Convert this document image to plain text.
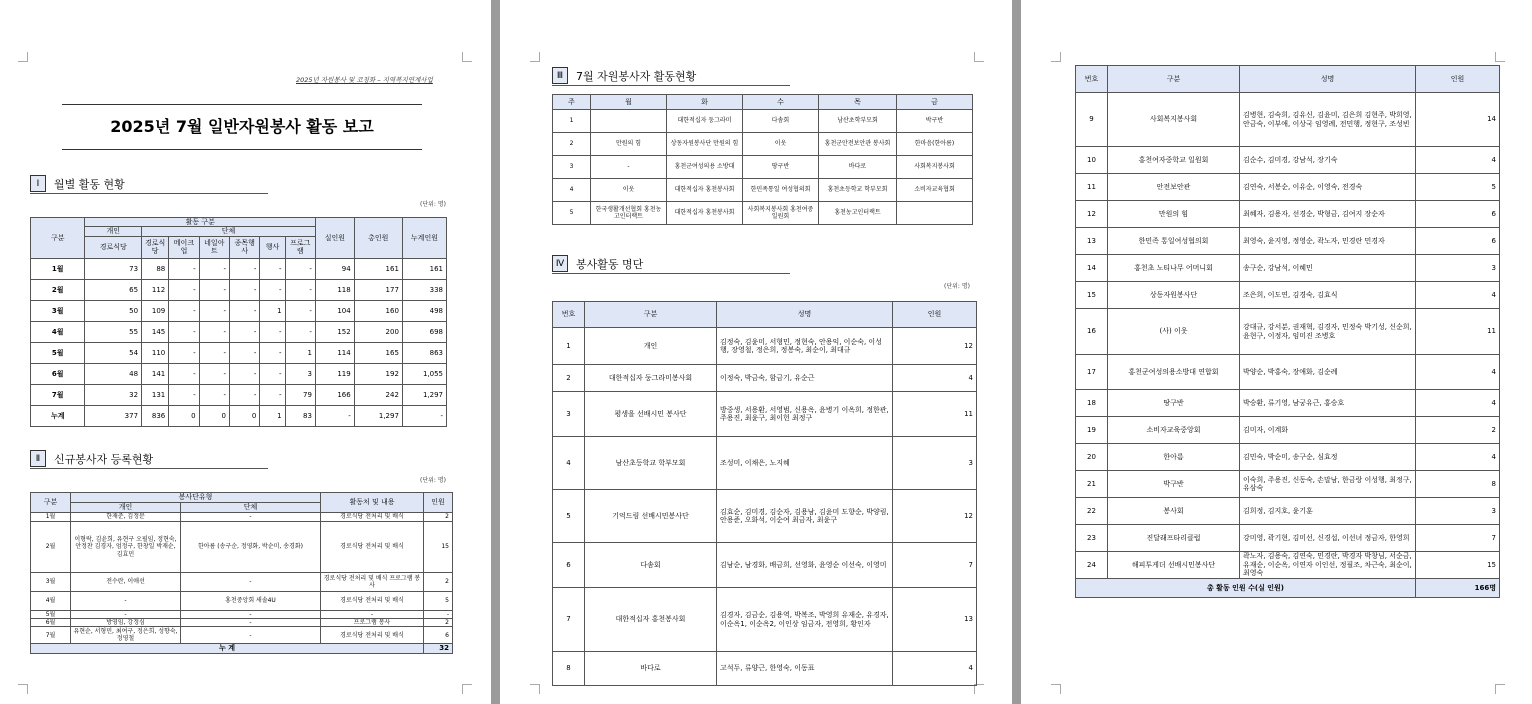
2025년 자원봉사 및 코칭화 – 지역복지연계사업
2025년 7월 일반자원봉사 활동 보고
Ⅰ	월별 활동 현황
(단위: 명)
구분	활동 구분							실인원	총인원	누계인원
	개인	단체								
	경로식당	경로식당	메이크업	네일아트	종목행사	행사	프로그램			
1월	73	88	-	-	-	-	-	94	161	161
2월	65	112	-	-	-	-	-	118	177	338
3월	50	109	-	-	-	1	-	104	160	498
4월	55	145	-	-	-	-	-	152	200	698
5월	54	110	-	-	-	-	1	114	165	863
6월	48	141	-	-	-	-	3	119	192	1,055
7월	32	131	-	-	-	-	79	166	242	1,297
누계	377	836	0	0	0	1	83	-	1,297	-
Ⅱ	신규봉사자 등록현황
(단위: 명)
구분	봉사단유형		활동처 및 내용	인원
	개인	단체		
1월	한재준, 김정분	-	경로식당 전처리 및 배식	2
2월	이형락, 김윤희, 유현구 오필임, 정현숙, 안정찬 김경자, 엄정구, 한창일 박재순, 김효민	한아름 (송구순, 정영화, 박순미, 송경화)	경로식당 전처리 및 배식	15
3월	전수란, 이애선	-	경로식당 전처리 및 배식 프로그램 봉사	2
4월	-	홍천중앙회 새솔4U	경로식당 전처리 및 배식	5
5월	-	-	-	-
6월	방영임, 강정심	-	프로그램 봉사	2
7월	유현순, 서형민, 최여구, 정은희, 성향숙, 정영철	-	경로식당 전처리 및 배식	6
누 계				32
Ⅲ	7월 자원봉사자 활동현황
주	월	화	수	목	금
1		대한적십자 둥그라미	다솜회	남산초학부모회	박구반
2	만원의 힘	상동자원봉사단 만원의 힘	이웃	홍천군안전보안관 봉사회	한마음(한아름)
3	-	홍천군여성의용 소방대	땅구반	바다로	사회복지봉사회
4	이웃	대한적십자 홍천봉사회	한민족통일 여성협의회	홍천초등학교 학부모회	소비자교육협회
5	한국생활개선협회 홍천농고인터랙트	대한적십자 홍천봉사회	사회복지봉사회 홍천여중 일원회	홍천농고인터랙트	
Ⅳ	봉사활동 명단
(단위: 명)
번호	구분	성명	인원
1	개인	김정숙, 김윤미, 서형민, 정현숙, 안용익, 이순숙, 이성행, 장영철, 정은희, 정봉숙, 최순이, 최대규	12
2	대한적십자 둥그라미봉사회	이정숙, 박금숙, 함금기, 유순근	4
3	평생을 선배시민 봉사단	방중생, 서용환, 서영범, 신용옥, 윤병기 이옥희, 정한관, 주용진, 최윤구, 최이헌 최정구	11
4	남산초등학교 학부모회	조성미, 이채은, 노지혜	3
5	기억드림 선배시민봉사단	김효순, 김미경, 김순자, 김용남, 김윤미 도향순, 박양림, 안용준, 오화석, 이순여 최금자, 최윤구	12
6	다솜회	김남순, 남경화, 배금희, 선영화, 윤영순 이선숙, 이영미	7
7	대한적십자 홍천봉사회	김경자, 김금순, 김용역, 박복조, 박영희 유재순, 유경자, 이순옥1, 이순옥2, 이인상 임금자, 전영희, 황인자	13
8	바다로	고석두, 류양근, 한영숙, 이동표	4
번호	구분	성명	인원
9	사회복지봉사회	김병현, 김숙희, 김유신, 김윤미, 김은희 김현주, 박희영, 안금숙, 이부애, 이상국 임영례, 전민행, 정현구, 조성빈	14
10	홍천여자중학교 일원회	김순수, 김미경, 강남석, 장기숙	4
11	안전보안관	김연숙, 서봉순, 이유순, 이영숙, 전경숙	5
12	만원의 힘	최혜자, 김용자, 선경순, 박형금, 김여지 장순자	6
13	한민족 통일여성협의회	최영숙, 윤지영, 정영순, 곽노자, 민경란 민경자	6
14	홍천초 노티나무 어머니회	송구순, 강남석, 이혜민	3
15	상동자원봉사단	조은희, 이도연, 김경숙, 김효식	4
16	(사) 이웃	강대규, 강서분, 권재혁, 김경자, 민정숙 박기성, 신순희, 윤현구, 이정자, 임미진 조병호	11
17	홍천군여성의용소방대 연합회	박양순, 박홍숙, 장애화, 김순례	4
18	땅구반	박승환, 류기영, 남궁유근, 홍승호	4
19	소비자교육중앙회	김미자, 이계화	2
20	한아름	김민숙, 박순미, 송구순, 심효정	4
21	박구반	이숙희, 주용진, 신동숙, 손말남, 한금랑 이성행, 최정구, 유삼숙	8
22	봉사회	김희정, 김지호, 윤기훈	3
23	진달래프타리클럽	강미영, 곽기현, 김미선, 신경섭, 이선녀 정금자, 한영희	7
24	해피투게더 선배시민봉사단	곽노자, 김용숙, 김연숙, 민경란, 박경자 박창님, 서순금, 유재순, 이순옥, 이연자 이인선, 정필조, 차근숙, 최순이, 최영숙	15
총 활동 인원 수(실 인원)			166명
